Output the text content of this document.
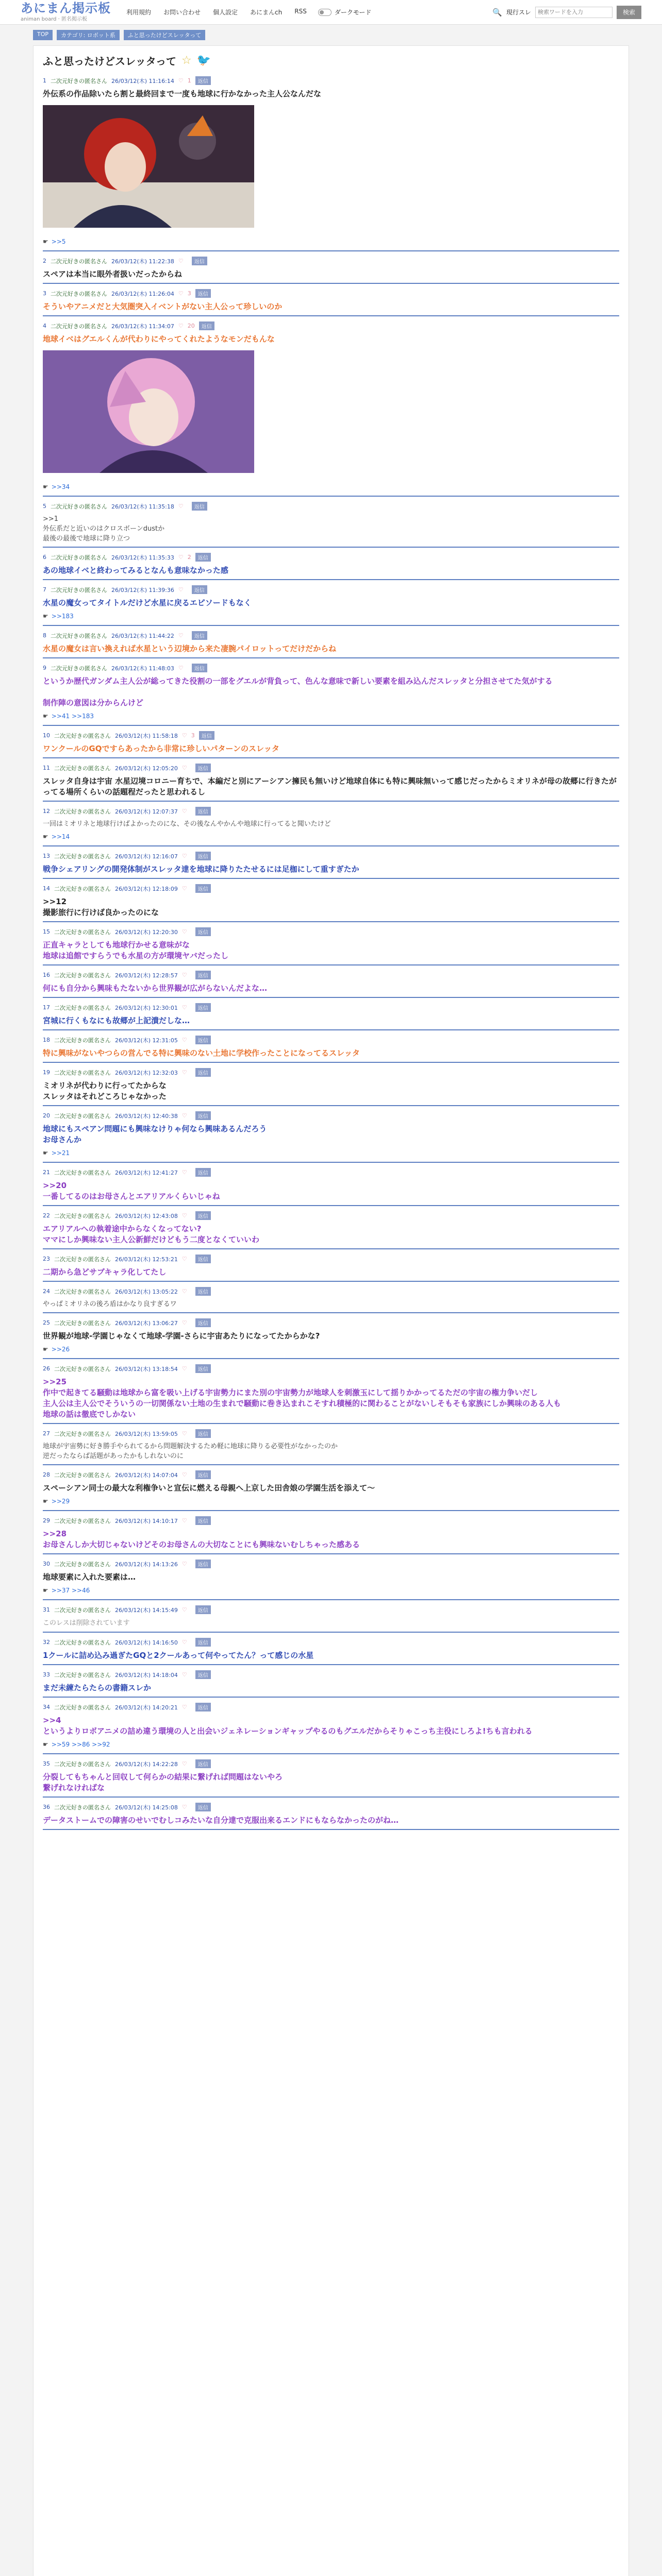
あにまん掲示板
animan board · 匿名掲示板
利用規約 お問い合わせ 個人設定 あにまんch RSS	ダークモード	🔍 現行スレ
検索ワードを入力	検索
TOP	カテゴリ: ロボット系	ふと思ったけどスレッタって
ふと思ったけどスレッタって ☆ 🐦
1 二次元好きの匿名さん 26/03/12(木) 11:16:14 ♡ 1	返信
外伝系の作品除いたら割と最終回まで一度も地球に行かなかった主人公なんだな
☛ >>5
2 二次元好きの匿名さん 26/03/12(木) 11:22:38 ♡	返信
スペアは本当に眼外者扱いだったからね
3 二次元好きの匿名さん 26/03/12(木) 11:26:04 ♡ 3	返信
そういやアニメだと大気圏突入イベントがない主人公って珍しいのか
4 二次元好きの匿名さん 26/03/12(木) 11:34:07 ♡ 20	返信
地球イベはグエルくんが代わりにやってくれたようなモンだもんな
☛ >>34
5 二次元好きの匿名さん 26/03/12(木) 11:35:18 ♡	返信
>>1
外伝系だと近いのはクロスボーンdustか
最後の最後で地球に降り立つ
6 二次元好きの匿名さん 26/03/12(木) 11:35:33 ♡ 2	返信
あの地球イベと終わってみるとなんも意味なかった感
7 二次元好きの匿名さん 26/03/12(木) 11:39:36 ♡	返信
水星の魔女ってタイトルだけど水星に戻るエピソードもなく
☛ >>183
8 二次元好きの匿名さん 26/03/12(木) 11:44:22 ♡	返信
水星の魔女は言い換えれば水星という辺境から来た凄腕パイロットってだけだからね
9 二次元好きの匿名さん 26/03/12(木) 11:48:03 ♡	返信
というか歴代ガンダム主人公が総ってきた役割の一部をグエルが背負って、色んな意味で新しい要素を組み込んだスレッタと分担させてた気がする

制作陣の意図は分からんけど
☛ >>41 >>183
10 二次元好きの匿名さん 26/03/12(木) 11:58:18 ♡ 3	返信
ワンクールのGQですらあったから非常に珍しいパターンのスレッタ
11 二次元好きの匿名さん 26/03/12(木) 12:05:20 ♡	返信
スレッタ自身は宇宙 水星辺境コロニー育ちで、本編だと別にアーシアン擁民も無いけど地球自体にも特に興味無いって感じだったからミオリネが母の故郷に行きたがってる場所くらいの話題程だったと思われるし
12 二次元好きの匿名さん 26/03/12(木) 12:07:37 ♡	返信
一回はミオリネと地球行けばよかったのにな、その後なんやかんや地球に行ってると聞いたけど
☛ >>14
13 二次元好きの匿名さん 26/03/12(木) 12:16:07 ♡	返信
戦争シェアリングの開発体制がスレッタ達を地球に降りたたせるには足枷にして重すぎたか
14 二次元好きの匿名さん 26/03/12(木) 12:18:09 ♡	返信
>>12
撮影旅行に行けば良かったのにな
15 二次元好きの匿名さん 26/03/12(木) 12:20:30 ♡	返信
正直キャラとしても地球行かせる意味がな
地球は追館ですらうでも水星の方が環境ヤバだったし
16 二次元好きの匿名さん 26/03/12(木) 12:28:57 ♡	返信
何にも自分から興味もたないから世界観が広がらないんだよな…
17 二次元好きの匿名さん 26/03/12(木) 12:30:01 ♡	返信
宮城に行くもなにも故郷が上記潰だしな…
18 二次元好きの匿名さん 26/03/12(木) 12:31:05 ♡	返信
特に興味がないやつらの営んでる特に興味のない土地に学校作ったことになってるスレッタ
19 二次元好きの匿名さん 26/03/12(木) 12:32:03 ♡	返信
ミオリネが代わりに行ってたからな
スレッタはそれどころじゃなかった
20 二次元好きの匿名さん 26/03/12(木) 12:40:38 ♡	返信
地球にもスペアン問題にも興味なけりゃ何なら興味あるんだろう
お母さんか
☛ >>21
21 二次元好きの匿名さん 26/03/12(木) 12:41:27 ♡	返信
>>20
一番してるのはお母さんとエアリアルくらいじゃね
22 二次元好きの匿名さん 26/03/12(木) 12:43:08 ♡	返信
エアリアルへの執着途中からなくなってない?
ママにしか興味ない主人公新鮮だけどもう二度となくていいわ
23 二次元好きの匿名さん 26/03/12(木) 12:53:21 ♡	返信
二期から急どサブキャラ化してたし
24 二次元好きの匿名さん 26/03/12(木) 13:05:22 ♡	返信
やっぱミオリネの後ろ盾はかなり良すぎるワ
25 二次元好きの匿名さん 26/03/12(木) 13:06:27 ♡	返信
世界観が地球-学園じゃなくて地球-学園-さらに宇宙あたりになってたからかな?
☛ >>26
26 二次元好きの匿名さん 26/03/12(木) 13:18:54 ♡	返信
>>25
作中で起きてる騒動は地球から富を吸い上げる宇宙勢力にまた別の宇宙勢力が地球人を刺激玉にして揺りかかってるただの宇宙の権力争いだし
主人公は主人公でそういうの一切関係ない土地の生まれで騒動に巻き込まれこそすれ積極的に関わることがないしそもそも家族にしか興味のある人も
地球の話は徹底でしかない
27 二次元好きの匿名さん 26/03/12(木) 13:59:05 ♡	返信
地球が宇宙勢に好き勝手やられてるから問題解決するため軽に地球に降りる必要性がなかったのか
逆だったならば話題があったかもしれないのに
28 二次元好きの匿名さん 26/03/12(木) 14:07:04 ♡	返信
スペーシアン同士の最大な利権争いと宣伝に燃える母親へ上京した田舎娘の学園生活を添えて〜
☛ >>29
29 二次元好きの匿名さん 26/03/12(木) 14:10:17 ♡	返信
>>28
お母さんしか大切じゃないけどそのお母さんの大切なことにも興味ないむしちゃった感ある
30 二次元好きの匿名さん 26/03/12(木) 14:13:26 ♡	返信
地球要素に入れた要素は…
☛ >>37 >>46
31 二次元好きの匿名さん 26/03/12(木) 14:15:49 ♡	返信
このレスは削除されています
32 二次元好きの匿名さん 26/03/12(木) 14:16:50 ♡	返信
1クールに詰め込み過ぎたGQと2クールあって何やってたん？って感じの水星
33 二次元好きの匿名さん 26/03/12(木) 14:18:04 ♡	返信
まだ未練たらたらの書籍スレか
34 二次元好きの匿名さん 26/03/12(木) 14:20:21 ♡	返信
>>4
というよりロボアニメの詰め違う環境の人と出会いジェネレーションギャップやるのもグエルだからそりゃこっち主役にしろよ!ちも言われる
☛ >>59 >>86 >>92
35 二次元好きの匿名さん 26/03/12(木) 14:22:28 ♡	返信
分裂してもちゃんと回収して何らかの結果に繋げれば問題はないやろ
繋げれなければな
36 二次元好きの匿名さん 26/03/12(木) 14:25:08 ♡	返信
データストームでの障害のせいでむしコみたいな自分達で克服出来るエンドにもならなかったのがね…
